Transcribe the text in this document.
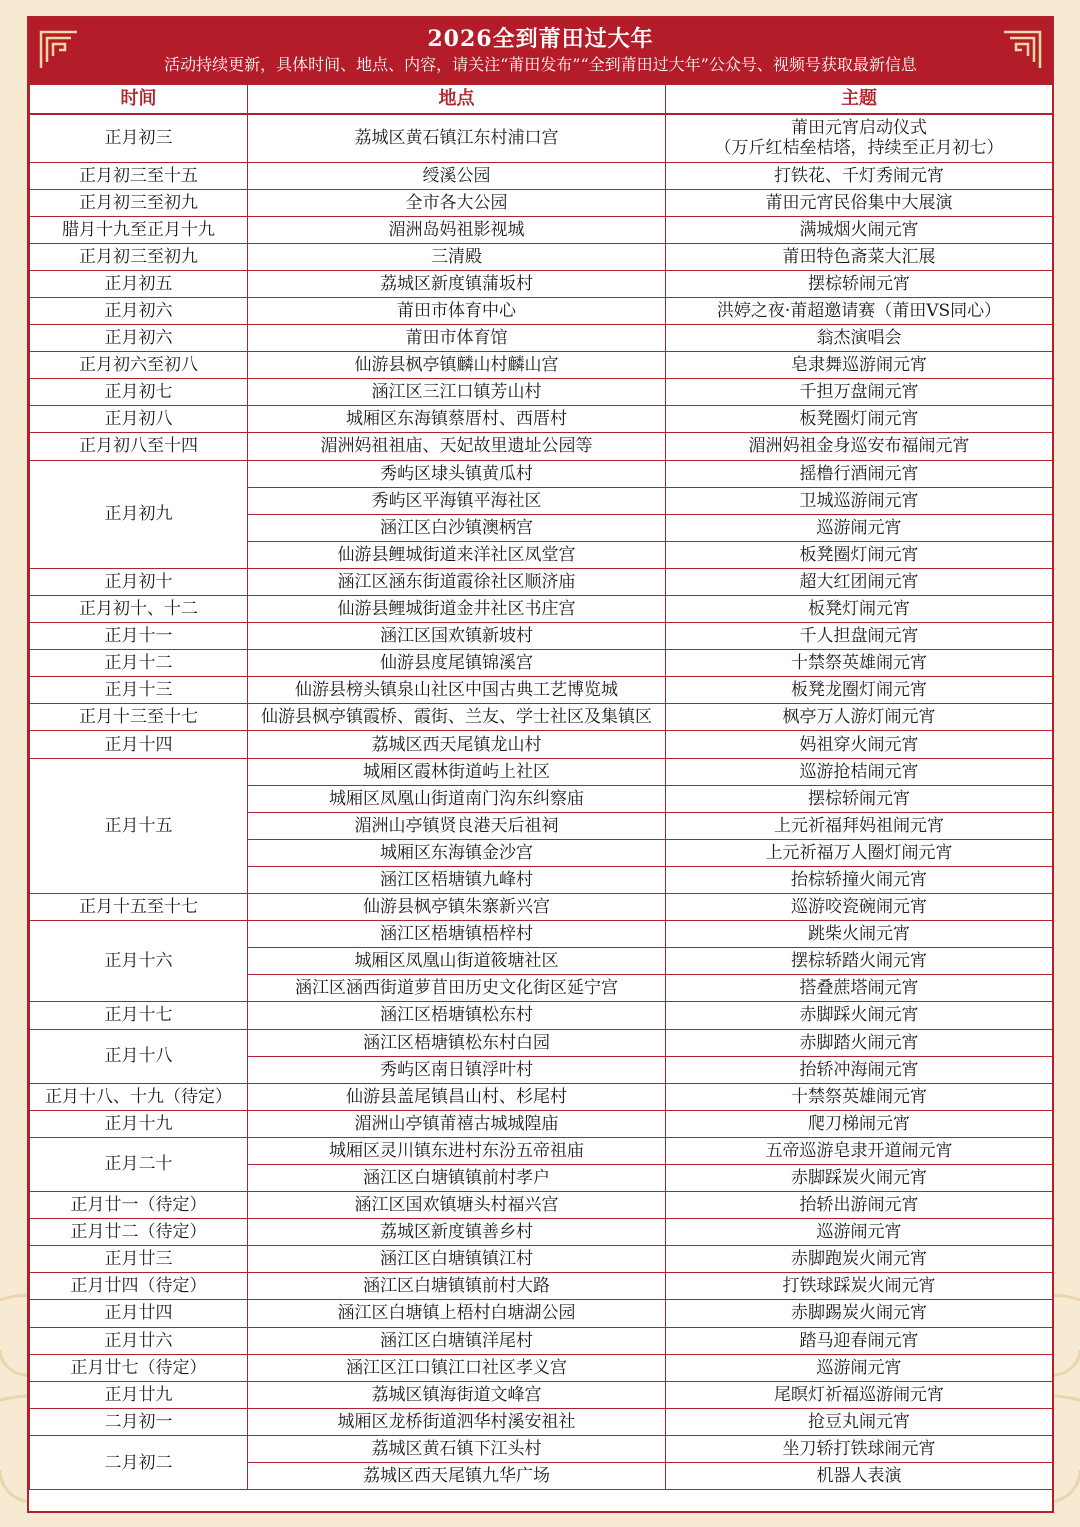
2026全到莆田过大年
活动持续更新，具体时间、地点、内容，请关注“莆田发布”“全到莆田过大年”公众号、视频号获取最新信息
时间	地点	主题
正月初三	荔城区黄石镇江东村浦口宫	莆田元宵启动仪式
（万斤红桔垒桔塔，持续至正月初七）

正月初三至十五	绶溪公园	打铁花、千灯秀闹元宵
正月初三至初九	全市各大公园	莆田元宵民俗集中大展演
腊月十九至正月十九	湄洲岛妈祖影视城	满城烟火闹元宵
正月初三至初九	三清殿	莆田特色斋菜大汇展
正月初五	荔城区新度镇蒲坂村	摆棕轿闹元宵
正月初六	莆田市体育中心	洪婷之夜·莆超邀请赛（莆田VS同心）
正月初六	莆田市体育馆	翁杰演唱会
正月初六至初八	仙游县枫亭镇麟山村麟山宫	皂隶舞巡游闹元宵
正月初七	涵江区三江口镇芳山村	千担万盘闹元宵
正月初八	城厢区东海镇蔡厝村、西厝村	板凳圈灯闹元宵
正月初八至十四	湄洲妈祖祖庙、天妃故里遗址公园等	湄洲妈祖金身巡安布福闹元宵
正月初九	秀屿区埭头镇黄瓜村	摇橹行酒闹元宵
	秀屿区平海镇平海社区	卫城巡游闹元宵
	涵江区白沙镇澳柄宫	巡游闹元宵
	仙游县鲤城街道来洋社区凤堂宫	板凳圈灯闹元宵
正月初十	涵江区涵东街道霞徐社区顺济庙	超大红团闹元宵
正月初十、十二	仙游县鲤城街道金井社区书庄宫	板凳灯闹元宵
正月十一	涵江区国欢镇新坡村	千人担盘闹元宵
正月十二	仙游县度尾镇锦溪宫	十禁祭英雄闹元宵
正月十三	仙游县榜头镇泉山社区中国古典工艺博览城	板凳龙圈灯闹元宵
正月十三至十七	仙游县枫亭镇霞桥、霞街、兰友、学士社区及集镇区	枫亭万人游灯闹元宵
正月十四	荔城区西天尾镇龙山村	妈祖穿火闹元宵
正月十五	城厢区霞林街道屿上社区	巡游抢桔闹元宵
	城厢区凤凰山街道南门沟东纠察庙	摆棕轿闹元宵
	湄洲山亭镇贤良港天后祖祠	上元祈福拜妈祖闹元宵
	城厢区东海镇金沙宫	上元祈福万人圈灯闹元宵
	涵江区梧塘镇九峰村	抬棕轿撞火闹元宵
正月十五至十七	仙游县枫亭镇朱寨新兴宫	巡游咬瓷碗闹元宵
正月十六	涵江区梧塘镇梧梓村	跳柴火闹元宵
	城厢区凤凰山街道筱塘社区	摆棕轿踏火闹元宵
	涵江区涵西街道萝苜田历史文化街区延宁宫	搭叠蔗塔闹元宵
正月十七	涵江区梧塘镇松东村	赤脚踩火闹元宵
正月十八	涵江区梧塘镇松东村白园	赤脚踏火闹元宵
	秀屿区南日镇浮叶村	抬轿冲海闹元宵
正月十八、十九（待定）	仙游县盖尾镇昌山村、杉尾村	十禁祭英雄闹元宵
正月十九	湄洲山亭镇莆禧古城城隍庙	爬刀梯闹元宵
正月二十	城厢区灵川镇东进村东汾五帝祖庙	五帝巡游皂隶开道闹元宵
	涵江区白塘镇镇前村孝户	赤脚踩炭火闹元宵
正月廿一（待定）	涵江区国欢镇塘头村福兴宫	抬轿出游闹元宵
正月廿二（待定）	荔城区新度镇善乡村	巡游闹元宵
正月廿三	涵江区白塘镇镇江村	赤脚跑炭火闹元宵
正月廿四（待定）	涵江区白塘镇镇前村大路	打铁球踩炭火闹元宵
正月廿四	涵江区白塘镇上梧村白塘湖公园	赤脚踢炭火闹元宵
正月廿六	涵江区白塘镇洋尾村	踏马迎春闹元宵
正月廿七（待定）	涵江区江口镇江口社区孝义宫	巡游闹元宵
正月廿九	荔城区镇海街道文峰宫	尾暝灯祈福巡游闹元宵
二月初一	城厢区龙桥街道泗华村溪安祖社	抢豆丸闹元宵
二月初二	荔城区黄石镇下江头村	坐刀轿打铁球闹元宵
	荔城区西天尾镇九华广场	机器人表演
